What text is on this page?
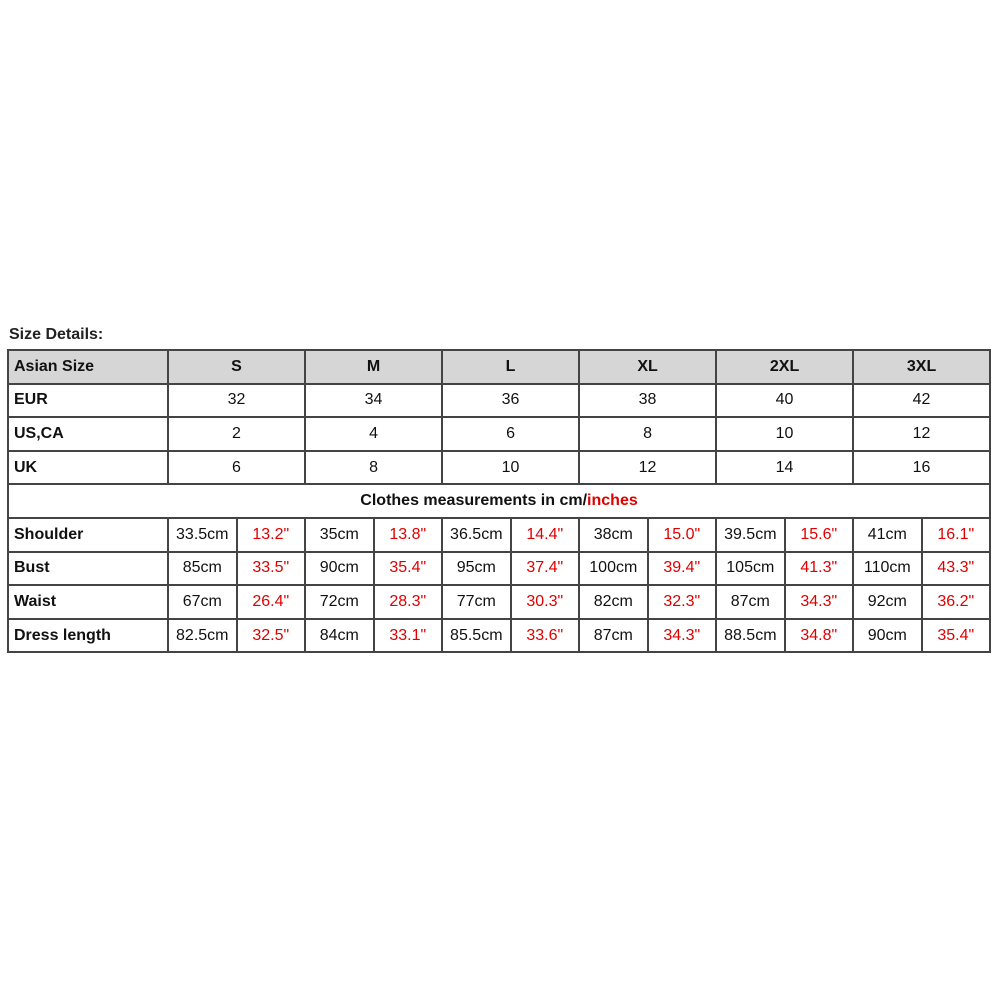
Size Details:
Asian Size	S		M		L		XL		2XL		3XL	
EUR	32		34		36		38		40		42	
US,CA	2		4		6		8		10		12	
UK	6		8		10		12		14		16	
Clothes measurements in cm/inches												
Shoulder	33.5cm	13.2"	35cm	13.8"	36.5cm	14.4"	38cm	15.0"	39.5cm	15.6"	41cm	16.1"
Bust	85cm	33.5"	90cm	35.4"	95cm	37.4"	100cm	39.4"	105cm	41.3"	110cm	43.3"
Waist	67cm	26.4"	72cm	28.3"	77cm	30.3"	82cm	32.3"	87cm	34.3"	92cm	36.2"
Dress length	82.5cm	32.5"	84cm	33.1"	85.5cm	33.6"	87cm	34.3"	88.5cm	34.8"	90cm	35.4"
